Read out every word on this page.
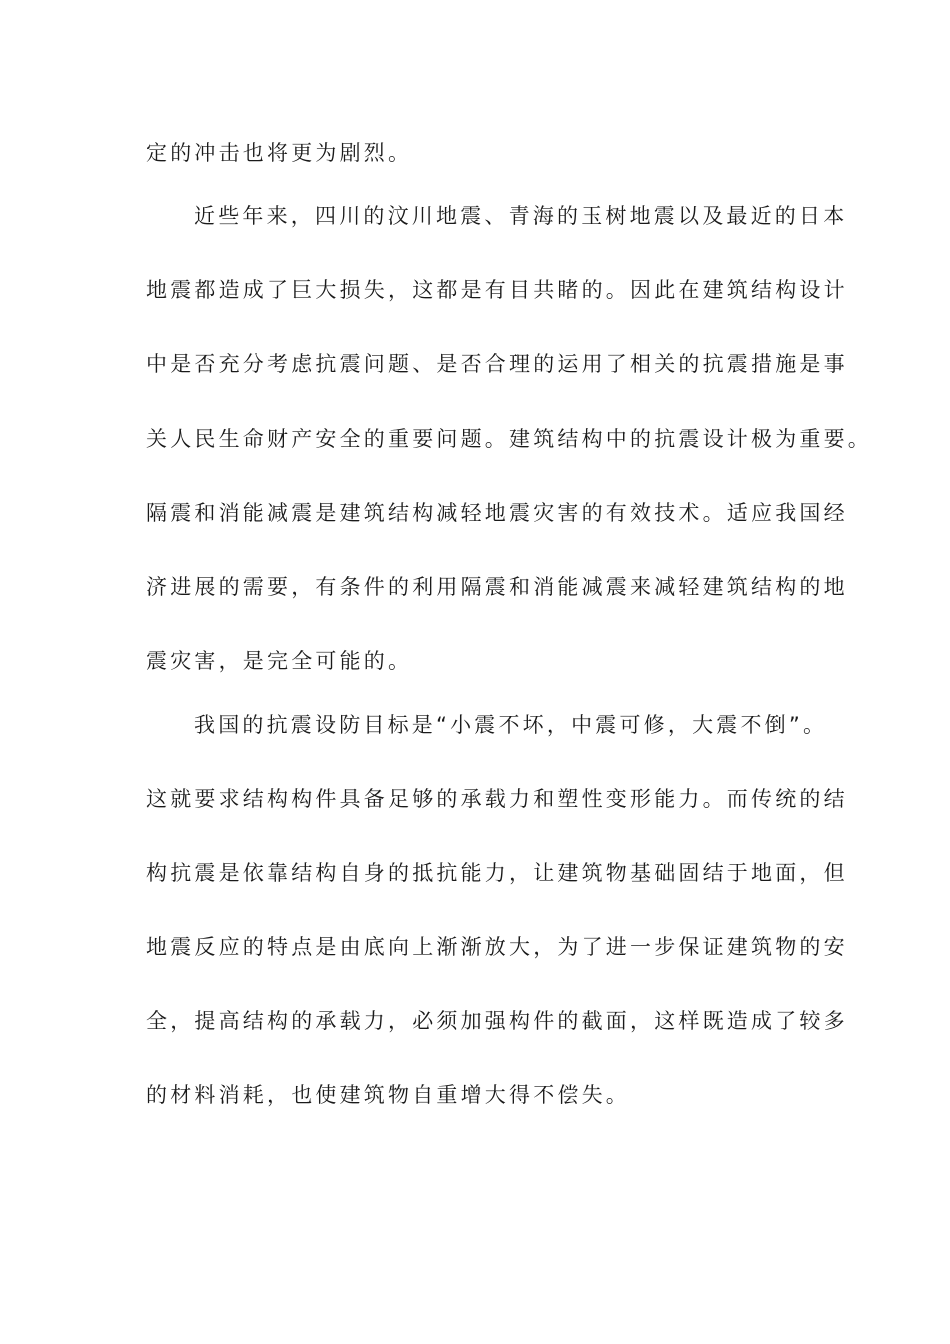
定的冲击也将更为剧烈。
近些年来，四川的汶川地震、青海的玉树地震以及最近的日本
地震都造成了巨大损失，这都是有目共睹的。因此在建筑结构设计
中是否充分考虑抗震问题、是否合理的运用了相关的抗震措施是事
关人民生命财产安全的重要问题。建筑结构中的抗震设计极为重要。
隔震和消能减震是建筑结构减轻地震灾害的有效技术。适应我国经
济进展的需要，有条件的利用隔震和消能减震来减轻建筑结构的地
震灾害，是完全可能的。
我国的抗震设防目标是“小震不坏，中震可修，大震不倒”。
这就要求结构构件具备足够的承载力和塑性变形能力。而传统的结
构抗震是依靠结构自身的抵抗能力，让建筑物基础固结于地面，但
地震反应的特点是由底向上渐渐放大，为了进一步保证建筑物的安
全，提高结构的承载力，必须加强构件的截面，这样既造成了较多
的材料消耗，也使建筑物自重增大得不偿失。
